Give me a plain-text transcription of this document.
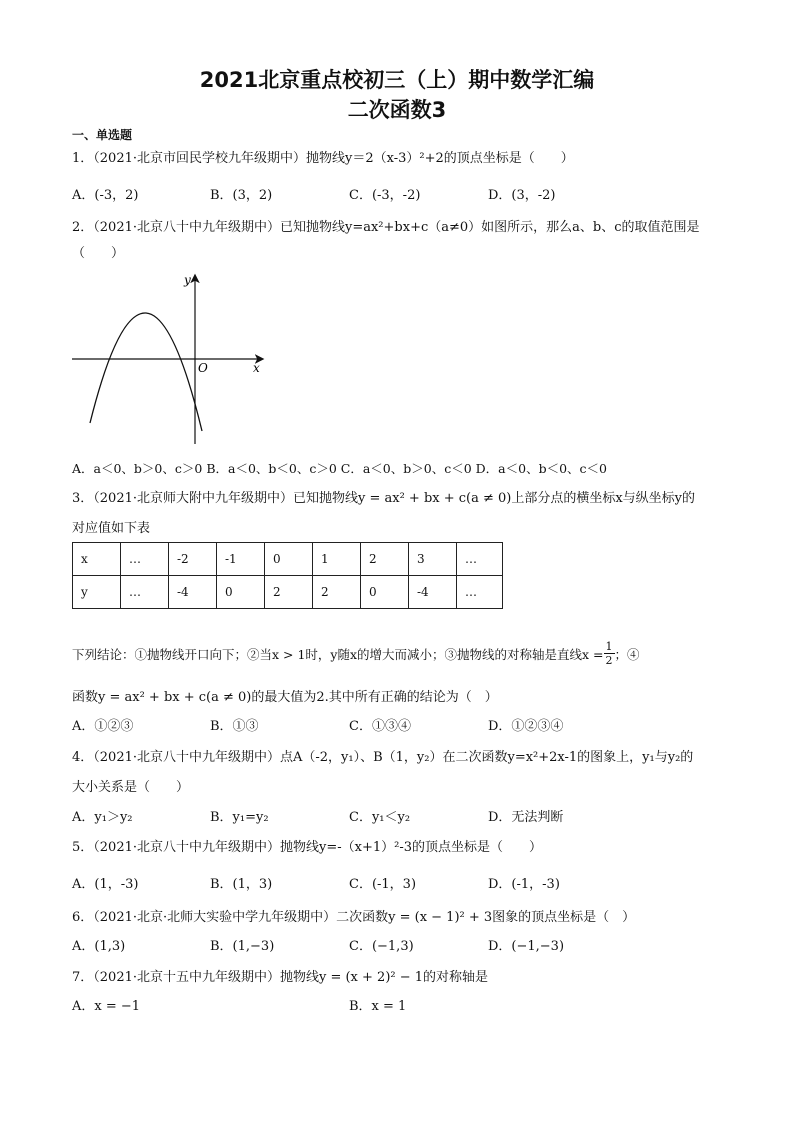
2021北京重点校初三（上）期中数学汇编
二次函数3
一、单选题
1．（2021·北京市回民学校九年级期中）抛物线y＝2（x-3）²+2的顶点坐标是（　　）
A．(-3，2)	B．(3，2)	C．(-3，-2)	D．(3，-2)
2．（2021·北京八十中九年级期中）已知抛物线y=ax²+bx+c（a≠0）如图所示，那么a、b、c的取值范围是
（　　）
y
x
O
A．a＜0、b＞0、c＞0 B．a＜0、b＜0、c＞0 C．a＜0、b＞0、c＜0 D．a＜0、b＜0、c＜0
3．（2021·北京师大附中九年级期中）已知抛物线y = ax² + bx + c(a ≠ 0)上部分点的横坐标x与纵坐标y的
对应值如下表
x	…	-2	-1	0	1	2	3	…
y	…	-4	0	2	2	0	-4	…
下列结论：①抛物线开口向下；②当x > 1时，y随x的增大而减小；③抛物线的对称轴是直线$x = \frac{1}{2}$ ；④
函数y = ax² + bx + c(a ≠ 0)的最大值为2.其中所有正确的结论为（　）
A．①②③	B．①③	C．①③④	D．①②③④
4．（2021·北京八十中九年级期中）点A（-2，y₁）、B（1，y₂）在二次函数y=x²+2x-1的图象上，y₁与y₂的
大小关系是（　　）
A．y₁＞y₂	B．y₁=y₂	C．y₁＜y₂	D．无法判断
5．（2021·北京八十中九年级期中）抛物线y=-（x+1）²-3的顶点坐标是（　　）
A．(1，-3)	B．(1，3)	C．(-1，3)	D．(-1，-3)
6．（2021·北京·北师大实验中学九年级期中）二次函数y = (x − 1)² + 3图象的顶点坐标是（　）
A．(1,3)	B．(1,−3)	C．(−1,3)	D．(−1,−3)
7．（2021·北京十五中九年级期中）抛物线y = (x + 2)² − 1的对称轴是
A．x = −1	B．x = 1
